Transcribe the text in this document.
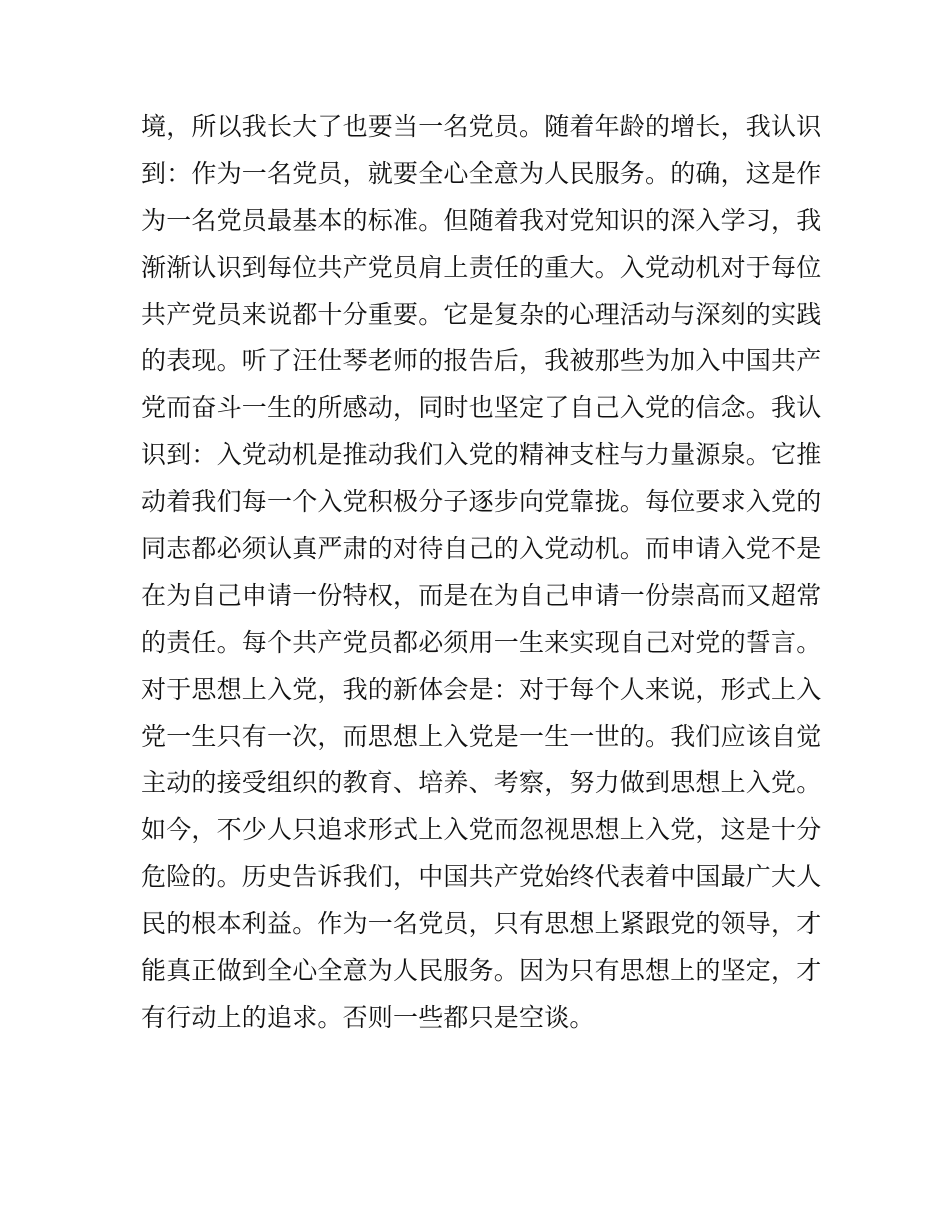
境，所以我长大了也要当一名党员。随着年龄的增长，我认识
到：作为一名党员，就要全心全意为人民服务。的确，这是作
为一名党员最基本的标准。但随着我对党知识的深入学习，我
渐渐认识到每位共产党员肩上责任的重大。入党动机对于每位
共产党员来说都十分重要。它是复杂的心理活动与深刻的实践
的表现。听了汪仕琴老师的报告后，我被那些为加入中国共产
党而奋斗一生的所感动，同时也坚定了自己入党的信念。我认
识到：入党动机是推动我们入党的精神支柱与力量源泉。它推
动着我们每一个入党积极分子逐步向党靠拢。每位要求入党的
同志都必须认真严肃的对待自己的入党动机。而申请入党不是
在为自己申请一份特权，而是在为自己申请一份崇高而又超常
的责任。每个共产党员都必须用一生来实现自己对党的誓言。
对于思想上入党，我的新体会是：对于每个人来说，形式上入
党一生只有一次，而思想上入党是一生一世的。我们应该自觉
主动的接受组织的教育、培养、考察，努力做到思想上入党。
如今，不少人只追求形式上入党而忽视思想上入党，这是十分
危险的。历史告诉我们，中国共产党始终代表着中国最广大人
民的根本利益。作为一名党员，只有思想上紧跟党的领导，才
能真正做到全心全意为人民服务。因为只有思想上的坚定，才
有行动上的追求。否则一些都只是空谈。
